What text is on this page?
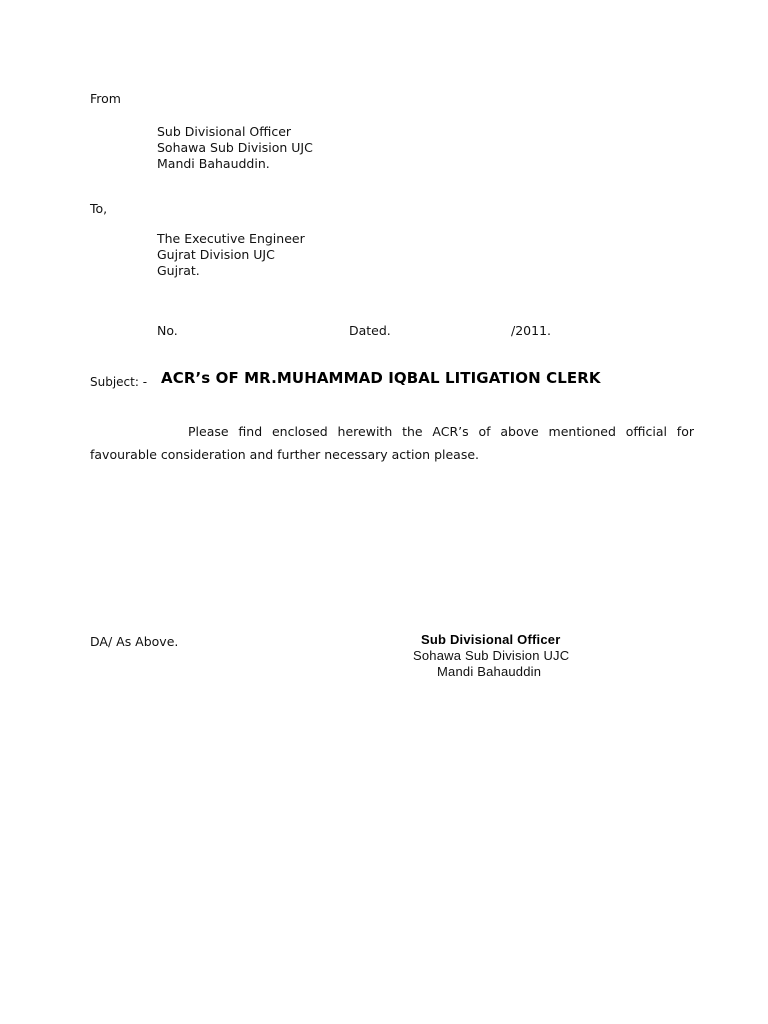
From
Sub Divisional Officer
Sohawa Sub Division UJC
Mandi Bahauddin.
To,
The Executive Engineer
Gujrat Division UJC
Gujrat.
No.	Dated.	/2011.
Subject: - ACR’s OF MR.MUHAMMAD IQBAL LITIGATION CLERK
Please find enclosed herewith the ACR’s of above mentioned official for
favourable consideration and further necessary action please.
DA/ As Above.	Sub Divisional Officer
Sohawa Sub Division UJC
Mandi Bahauddin
